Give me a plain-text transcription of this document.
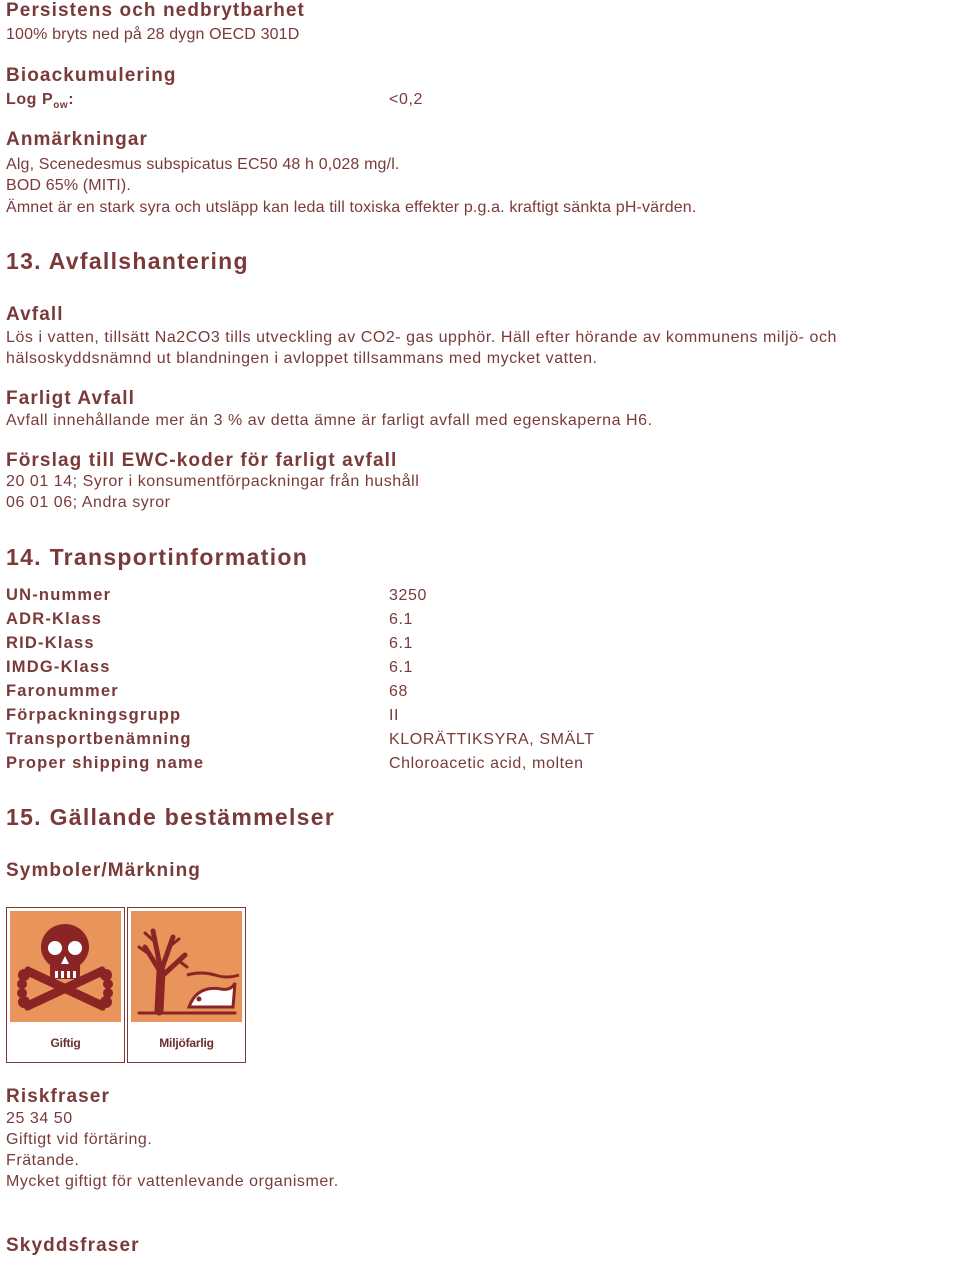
Persistens och nedbrytbarhet
100% bryts ned på 28 dygn OECD 301D
Bioackumulering
Log $P_{ow}$:	<0,2
Anmärkningar
Alg, Scenedesmus subspicatus EC50 48 h 0,028 mg/l.
BOD 65% (MITI).
Ämnet är en stark syra och utsläpp kan leda till toxiska effekter p.g.a. kraftigt sänkta pH-värden.
13. Avfallshantering
Avfall
Lös i vatten, tillsätt Na2CO3 tills utveckling av CO2- gas upphör. Häll efter hörande av kommunens miljö- och
hälsoskyddsnämnd ut blandningen i avloppet tillsammans med mycket vatten.
Farligt Avfall
Avfall innehållande mer än 3 % av detta ämne är farligt avfall med egenskaperna H6.
Förslag till EWC-koder för farligt avfall
20 01 14; Syror i konsumentförpackningar från hushåll
06 01 06; Andra syror
14. Transportinformation
UN-nummer	3250
ADR-Klass	6.1
RID-Klass	6.1
IMDG-Klass	6.1
Faronummer	68
Förpackningsgrupp	II
Transportbenämning	KLORÄTTIKSYRA, SMÄLT
Proper shipping name	Chloroacetic acid, molten
15. Gällande bestämmelser
Symboler/Märkning
Giftig	Miljöfarlig
Riskfraser
25 34 50
Giftigt vid förtäring.
Frätande.
Mycket giftigt för vattenlevande organismer.
Skyddsfraser
